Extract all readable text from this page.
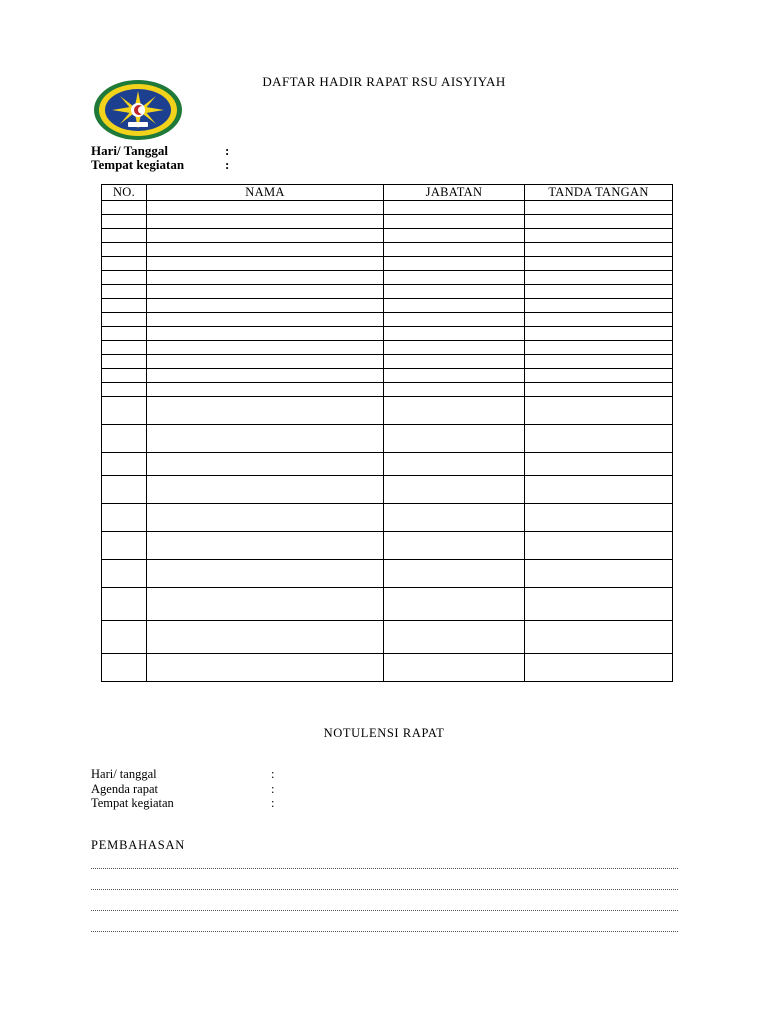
DAFTAR HADIR RAPAT RSU AISYIYAH
Hari/ Tanggal	:
Tempat kegiatan	:
NO.	NAMA	JABATAN	TANDA TANGAN

NOTULENSI RAPAT
Hari/ tanggal	:
Agenda rapat	:
Tempat kegiatan	:
PEMBAHASAN
